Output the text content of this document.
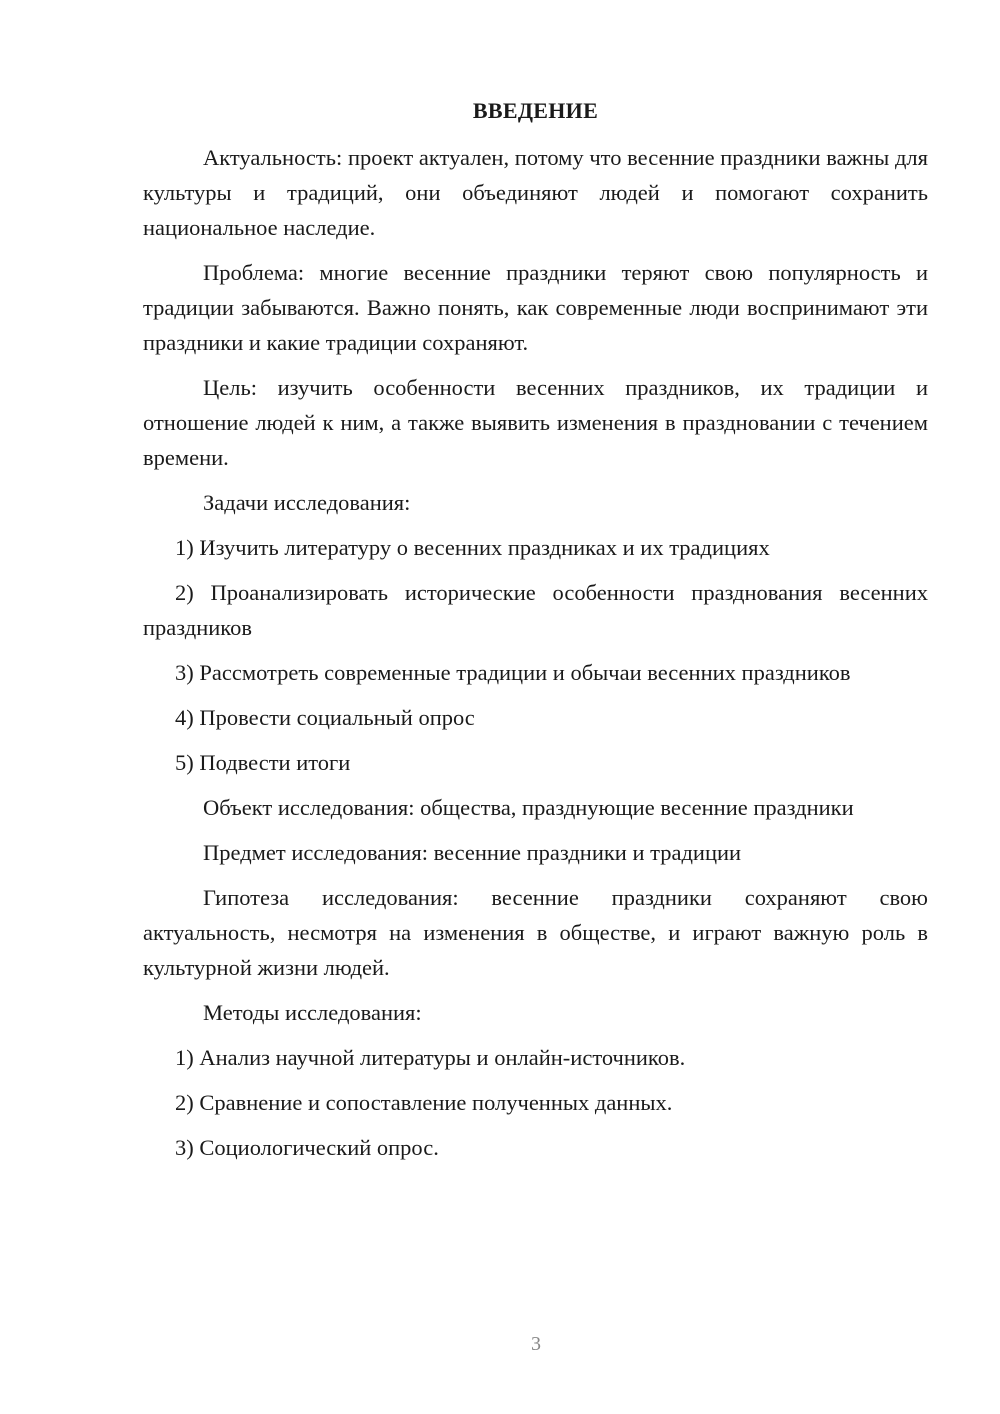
ВВЕДЕНИЕ

Актуальность: проект актуален, потому что весенние праздники важны для культуры и традиций, они объединяют людей и помогают сохранить национальное наследие.

Проблема: многие весенние праздники теряют свою популярность и традиции забываются. Важно понять, как современные люди воспринимают эти праздники и какие традиции сохраняют.

Цель: изучить особенности весенних праздников, их традиции и отношение людей к ним, а также выявить изменения в праздновании с течением времени.

Задачи исследования:

1) Изучить литературу о весенних праздниках и их традициях

2) Проанализировать исторические особенности празднования весенних праздников

3) Рассмотреть современные традиции и обычаи весенних праздников

4) Провести социальный опрос

5) Подвести итоги

Объект исследования: общества, празднующие весенние праздники

Предмет исследования: весенние праздники и традиции

Гипотеза исследования: весенние праздники сохраняют свою актуальность, несмотря на изменения в обществе, и играют важную роль в культурной жизни людей.

Методы исследования:

1) Анализ научной литературы и онлайн-источников.

2) Сравнение и сопоставление полученных данных.

3) Социологический опрос.

3
